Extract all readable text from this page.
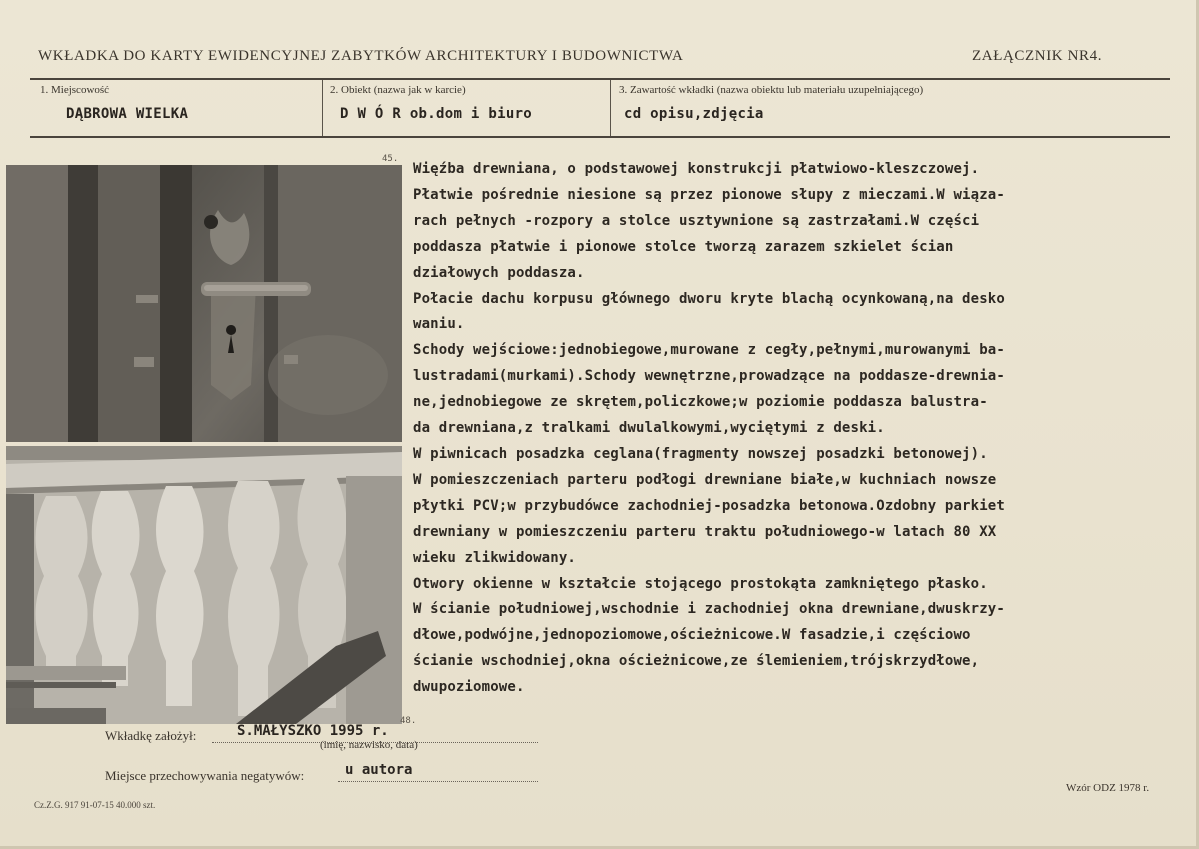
WKŁADKA DO KARTY EWIDENCYJNEJ ZABYTKÓW ARCHITEKTURY I BUDOWNICTWA	ZAŁĄCZNIK NR4.
1. Miejscowość
DĄBROWA WIELKA
2. Obiekt (nazwa jak w karcie)
D W Ó R ob.dom i biuro
3. Zawartość wkładki (nazwa obiektu lub materiału uzupełniającego)
cd opisu,zdjęcia
45.
48.
Więźba drewniana, o podstawowej konstrukcji płatwiowo-kleszczowej.
Płatwie pośrednie niesione są przez pionowe słupy z mieczami.W wiąza-
rach pełnych -rozpory a stolce usztywnione są zastrzałami.W części
poddasza płatwie i pionowe stolce tworzą zarazem szkielet ścian
działowych poddasza.
Połacie dachu korpusu głównego dworu kryte blachą ocynkowaną,na desko
waniu.
Schody wejściowe:jednobiegowe,murowane z cegły,pełnymi,murowanymi ba-
lustradami(murkami).Schody wewnętrzne,prowadzące na poddasze-drewnia-
ne,jednobiegowe ze skrętem,policzkowe;w poziomie poddasza balustra-
da drewniana,z tralkami dwulalkowymi,wyciętymi z deski.
W piwnicach posadzka ceglana(fragmenty nowszej posadzki betonowej).
W pomieszczeniach parteru podłogi drewniane białe,w kuchniach nowsze
płytki PCV;w przybudówce zachodniej-posadzka betonowa.Ozdobny parkiet
drewniany w pomieszczeniu parteru traktu południowego-w latach 80 XX
wieku zlikwidowany.
Otwory okienne w kształcie stojącego prostokąta zamkniętego płasko.
W ścianie południowej,wschodnie i zachodniej okna drewniane,dwuskrzy-
dłowe,podwójne,jednopoziomowe,ościeżnicowe.W fasadzie,i częściowo
ścianie wschodniej,okna ościeżnicowe,ze ślemieniem,trójskrzydłowe,
dwupoziomowe.
Wkładkę założył:	S.MAŁYSZKO 1995 r.
(imię, nazwisko, data)
Miejsce przechowywania negatywów:	u autora
Cz.Z.G. 917 91-07-15 40.000 szt.
Wzór ODZ 1978 r.
